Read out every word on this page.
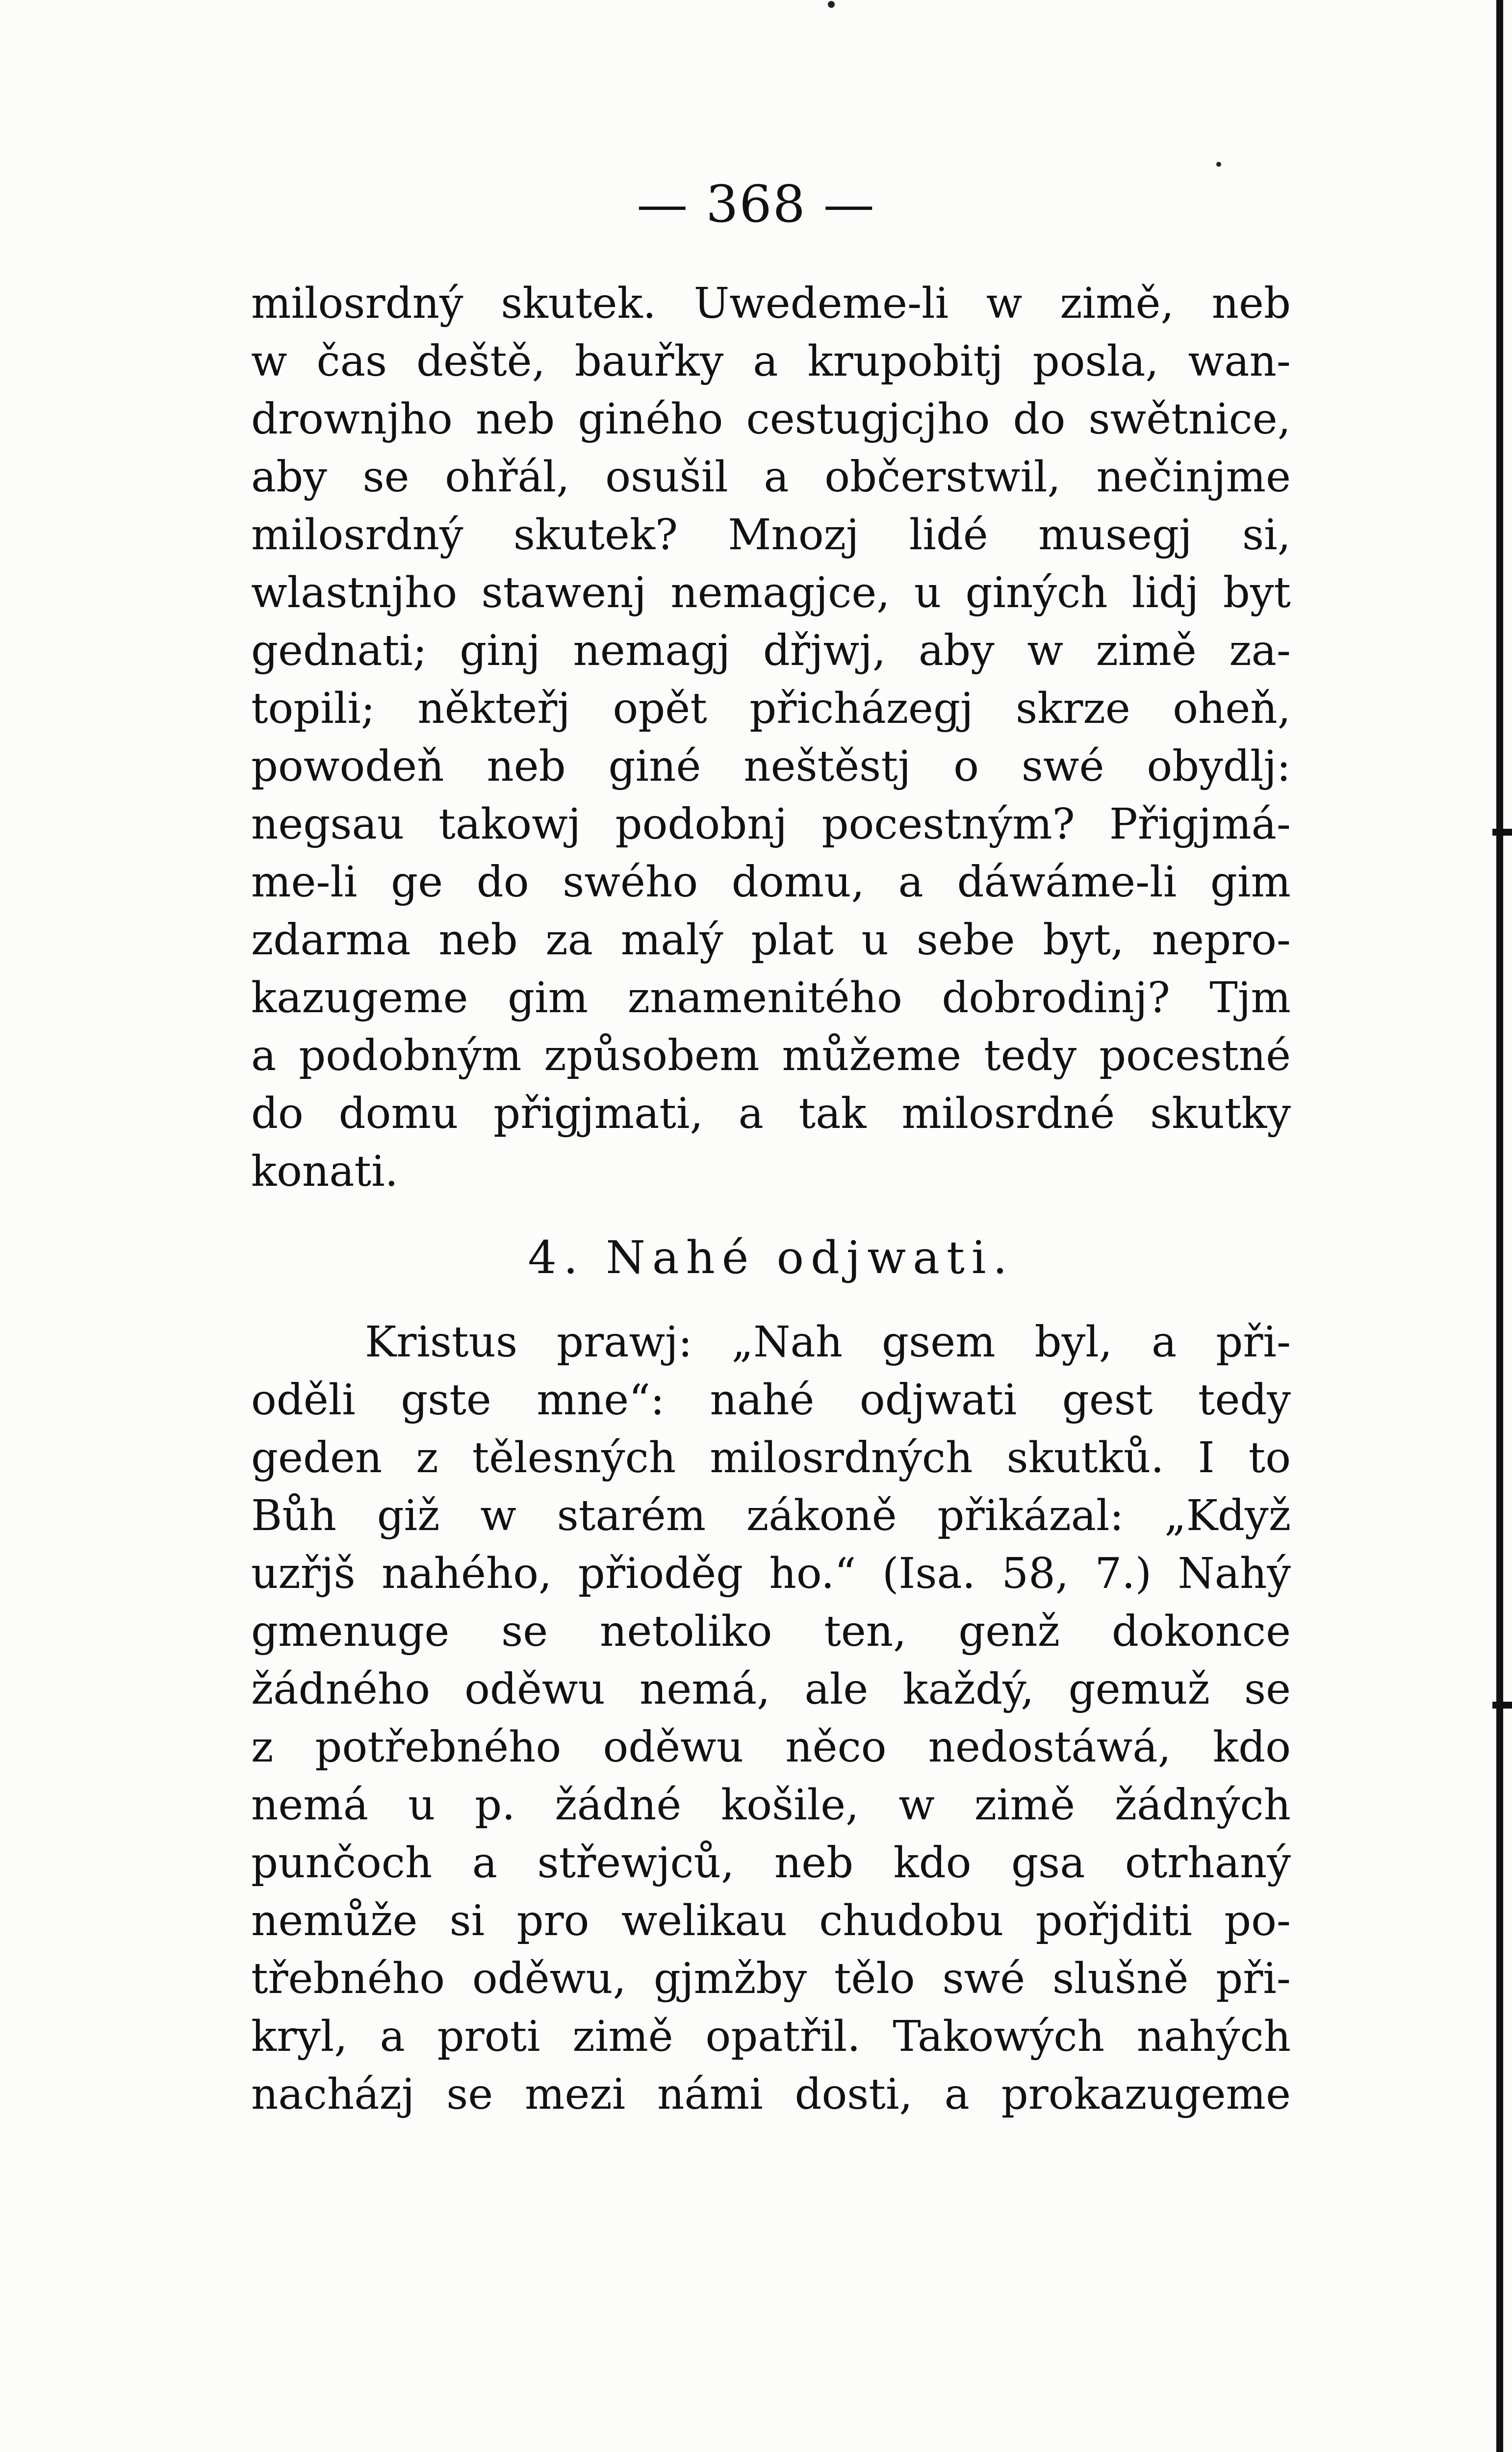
— 368 —
milosrdný skutek. Uwedeme-li w zimě, neb
w čas deště, bauřky a krupobitj posla, wan-
drownjho neb giného cestugjcjho do swětnice,
aby se ohřál, osušil a občerstwil, nečinjme
milosrdný skutek? Mnozj lidé musegj si,
wlastnjho stawenj nemagjce, u giných lidj byt
gednati; ginj nemagj dřjwj, aby w zimě za-
topili; někteřj opět přicházegj skrze oheň,
powodeň neb giné neštěstj o swé obydlj:
negsau takowj podobnj pocestným? Přigjmá-
me-li ge do swého domu, a dáwáme-li gim
zdarma neb za malý plat u sebe byt, nepro-
kazugeme gim znamenitého dobrodinj? Tjm
a podobným způsobem můžeme tedy pocestné
do domu přigjmati, a tak milosrdné skutky
konati.
4. Nahé odjwati.
Kristus prawj: „Nah gsem byl, a při-
oděli gste mne“: nahé odjwati gest tedy
geden z tělesných milosrdných skutků. I to
Bůh giž w starém zákoně přikázal: „Když
uzřjš nahého, přioděg ho.“ (Isa. 58, 7.) Nahý
gmenuge se netoliko ten, genž dokonce
žádného oděwu nemá, ale každý, gemuž se
z potřebného oděwu něco nedostáwá, kdo
nemá u p. žádné košile, w zimě žádných
punčoch a střewjců, neb kdo gsa otrhaný
nemůže si pro welikau chudobu pořjditi po-
třebného oděwu, gjmžby tělo swé slušně při-
kryl, a proti zimě opatřil. Takowých nahých
nacházj se mezi námi dosti, a prokazugeme
